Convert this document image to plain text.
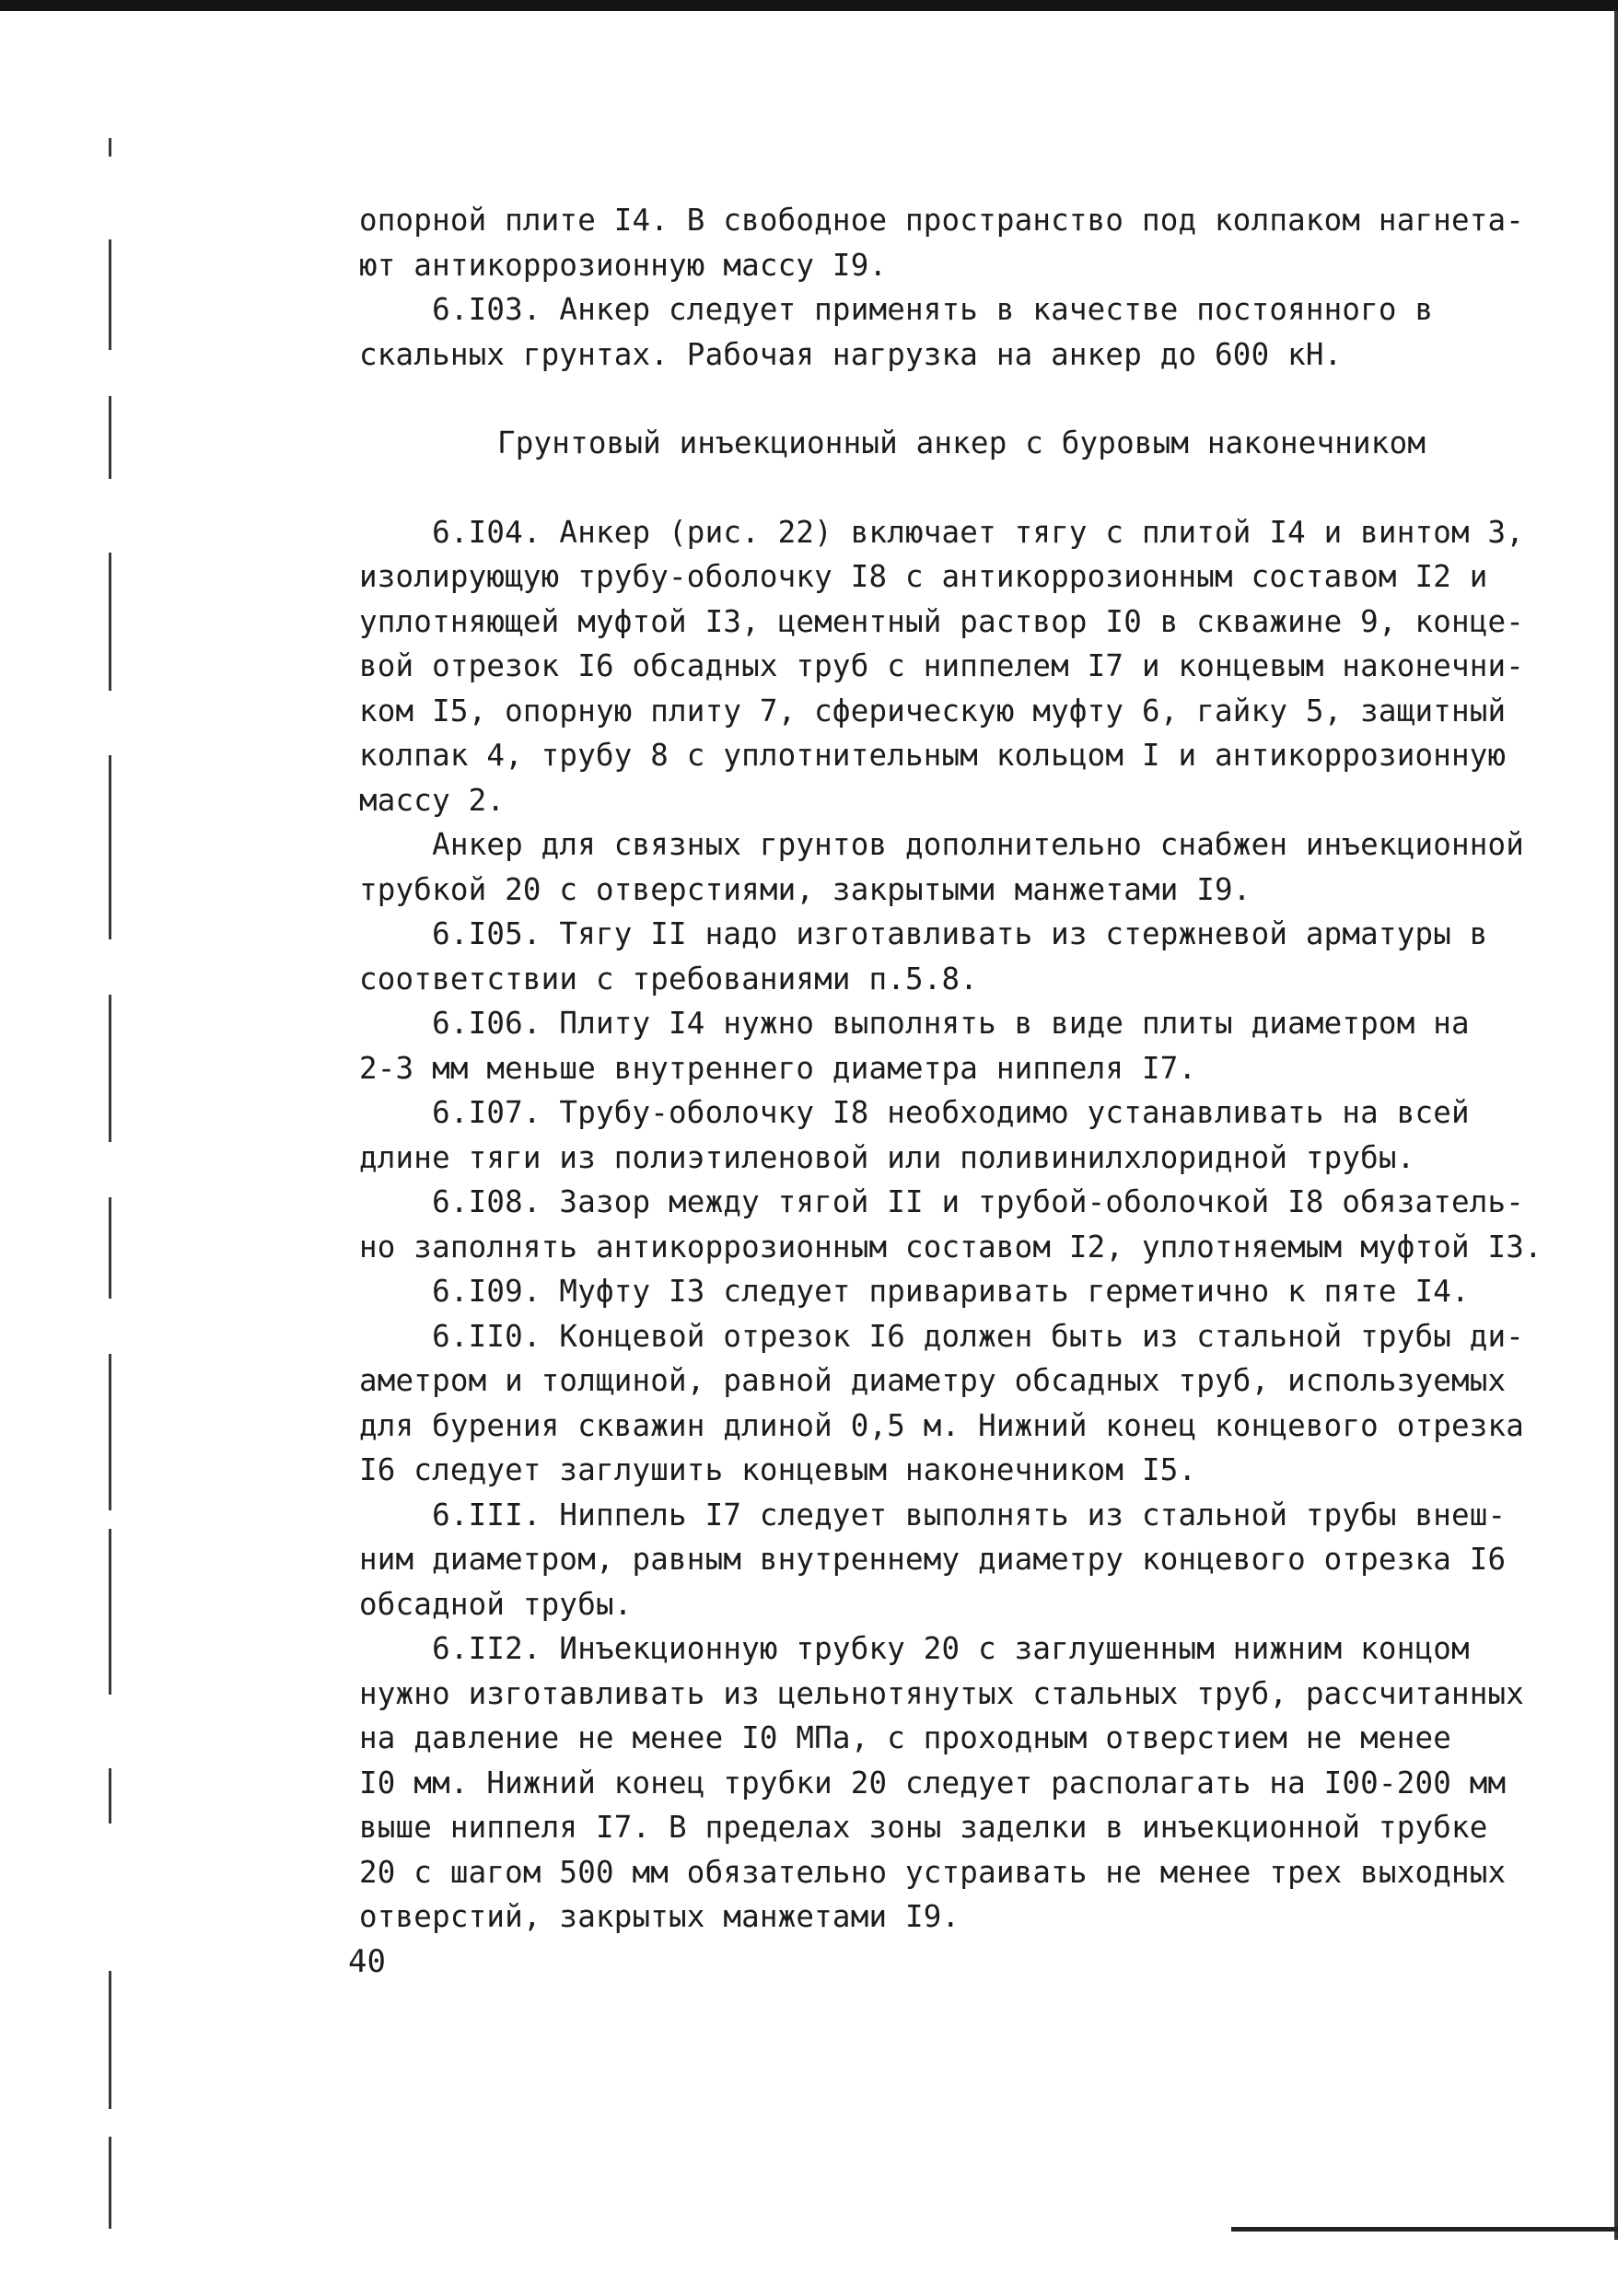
опорной плите I4. В свободное пространство под колпаком нагнета-

ют антикоррозионную массу I9.

6.I03. Анкер следует применять в качестве постоянного в

скальных грунтах. Рабочая нагрузка на анкер до 600 кН.

Грунтовый инъекционный анкер с буровым наконечником

6.I04. Анкер (рис. 22) включает тягу с плитой I4 и винтом 3,

изолирующую трубу-оболочку I8 с антикоррозионным составом I2 и

уплотняющей муфтой I3, цементный раствор I0 в скважине 9, конце-

вой отрезок I6 обсадных труб с ниппелем I7 и концевым наконечни-

ком I5, опорную плиту 7, сферическую муфту 6, гайку 5, защитный

колпак 4, трубу 8 с уплотнительным кольцом I и антикоррозионную

массу 2.

Анкер для связных грунтов дополнительно снабжен инъекционной

трубкой 20 с отверстиями, закрытыми манжетами I9.

6.I05. Тягу II надо изготавливать из стержневой арматуры в

соответствии с требованиями п.5.8.

6.I06. Плиту I4 нужно выполнять в виде плиты диаметром на

2-3 мм меньше внутреннего диаметра ниппеля I7.

6.I07. Трубу-оболочку I8 необходимо устанавливать на всей

длине тяги из полиэтиленовой или поливинилхлоридной трубы.

6.I08. Зазор между тягой II и трубой-оболочкой I8 обязатель-

но заполнять антикоррозионным составом I2, уплотняемым муфтой I3.

6.I09. Муфту I3 следует приваривать герметично к пяте I4.

6.II0. Концевой отрезок I6 должен быть из стальной трубы ди-

аметром и толщиной, равной диаметру обсадных труб, используемых

для бурения скважин длиной 0,5 м. Нижний конец концевого отрезка

I6 следует заглушить концевым наконечником I5.

6.III. Ниппель I7 следует выполнять из стальной трубы внеш-

ним диаметром, равным внутреннему диаметру концевого отрезка I6

обсадной трубы.

6.II2. Инъекционную трубку 20 с заглушенным нижним концом

нужно изготавливать из цельнотянутых стальных труб, рассчитанных

на давление не менее I0 МПа, с проходным отверстием не менее

I0 мм. Нижний конец трубки 20 следует располагать на I00-200 мм

выше ниппеля I7. В пределах зоны заделки в инъекционной трубке

20 с шагом 500 мм обязательно устраивать не менее трех выходных

отверстий, закрытых манжетами I9.

40
